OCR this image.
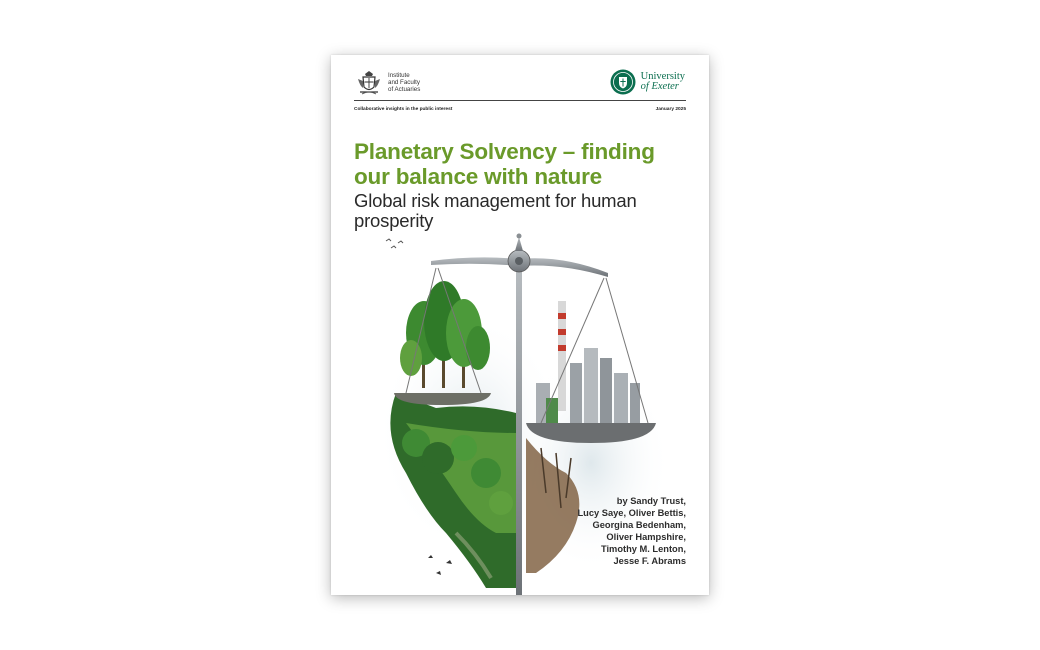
Institute
and Faculty
of Actuaries
University
of Exeter
Collaborative insights in the public interest	January 2025
Planetary Solvency – finding our balance with nature
Global risk management for human prosperity
by Sandy Trust,
Lucy Saye, Oliver Bettis,
Georgina Bedenham,
Oliver Hampshire,
Timothy M. Lenton,
Jesse F. Abrams
